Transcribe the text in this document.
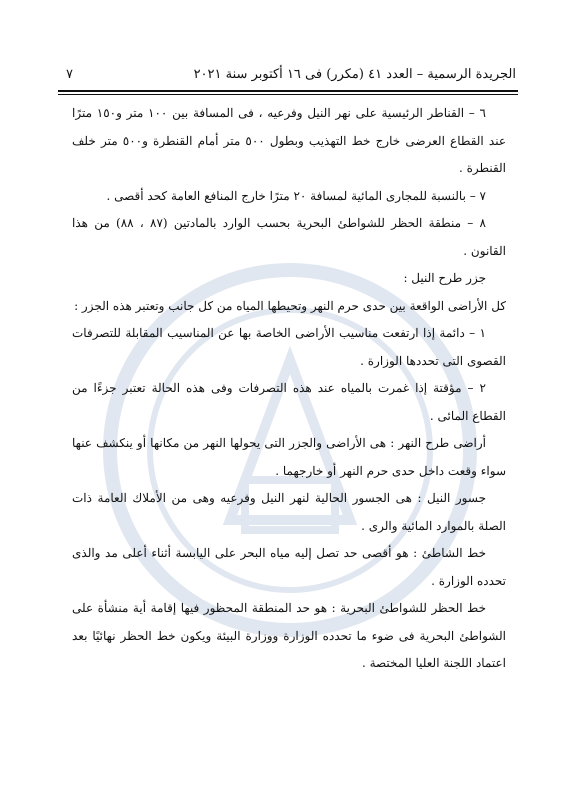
الجريدة الرسمية – العدد ٤١ (مكرر) فى ١٦ أكتوبر سنة ٢٠٢١
٧

٦ – القناطر الرئيسية على نهر النيل وفرعيه ، فى المسافة بين ١٠٠ متر و١٥٠ مترًا عند القطاع العرضى خارج خط التهذيب وبطول ٥٠٠ متر أمام القنطرة و٥٠٠ متر خلف القنطرة .

٧ – بالنسبة للمجارى المائية لمسافة ٢٠ مترًا خارج المنافع العامة كحد أقصى .

٨ – منطقة الحظر للشواطئ البحرية بحسب الوارد بالمادتين (٨٧ ، ٨٨) من هذا القانون .

جزر طرح النيل :

كل الأراضى الواقعة بين حدى حرم النهر وتحيطها المياه من كل جانب وتعتبر هذه الجزر :

١ – دائمة إذا ارتفعت مناسيب الأراضى الخاصة بها عن المناسيب المقابلة للتصرفات القصوى التى تحددها الوزارة .

٢ – مؤقتة إذا غمرت بالمياه عند هذه التصرفات وفى هذه الحالة تعتبر جزءًا من القطاع المائى .

أراضى طرح النهر : هى الأراضى والجزر التى يحولها النهر من مكانها أو ينكشف عنها سواء وقعت داخل حدى حرم النهر أو خارجهما .

جسور النيل : هى الجسور الحالية لنهر النيل وفرعيه وهى من الأملاك العامة ذات الصلة بالموارد المائية والرى .

خط الشاطئ : هو أقصى حد تصل إليه مياه البحر على اليابسة أثناء أعلى مد والذى تحدده الوزارة .

خط الحظر للشواطئ البحرية : هو حد المنطقة المحظور فيها إقامة أية منشأة على الشواطئ البحرية فى ضوء ما تحدده الوزارة ووزارة البيئة ويكون خط الحظر نهائيًا بعد اعتماد اللجنة العليا المختصة .
